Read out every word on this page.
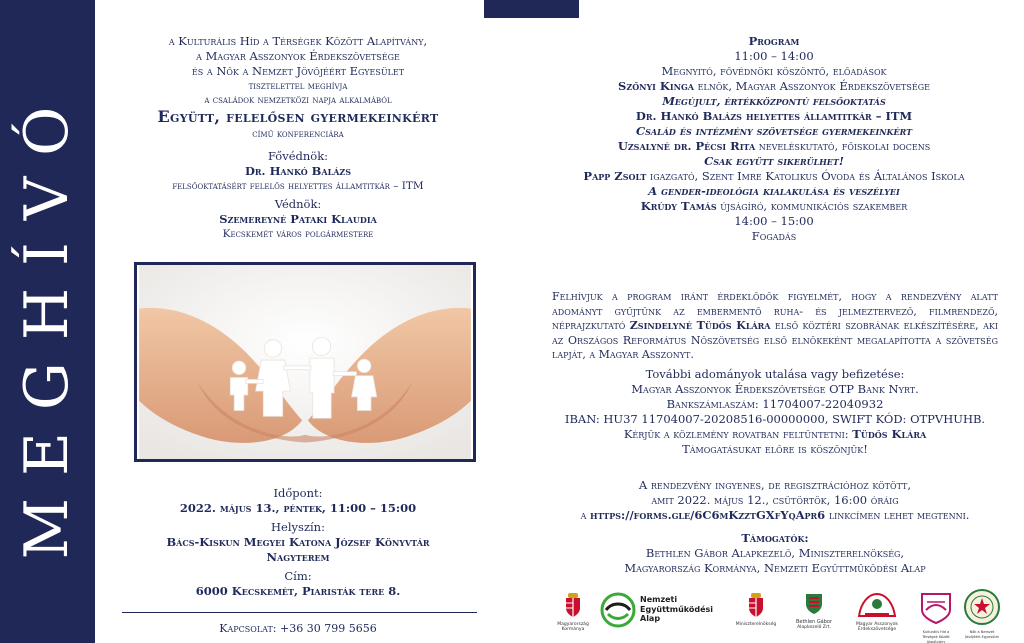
MEGHÍVÓ
a Kulturális Híd a Térségek Között Alapítvány,
a Magyar Asszonyok Érdekszövetsége
és a Nők a Nemzet Jövőjéért Egyesület
tisztelettel meghívja
a családok nemzetközi napja alkalmából
Együtt, felelősen gyermekeinkért
című konferenciára
Fővédnök:
Dr. Hankó Balázs
felsőoktatásért felelős helyettes államtitkár – ITM
Védnök:
Szemereyné Pataki Klaudia
Kecskemét város polgármestere
Időpont:
2022. május 13., péntek, 11:00 – 15:00
Helyszín:
Bács-Kiskun Megyei Katona József Könyvtár
Nagyterem
Cím:
6000 Kecskemét, Piaristák tere 8.
Kapcsolat: +36 30 799 5656
Program
11:00 – 14:00
Megnyitó, fővédnöki köszöntő, előadások
Szőnyi Kinga elnök, Magyar Asszonyok Érdekszövetsége
Megújult, értékközpontú felsőoktatás
Dr. Hankó Balázs helyettes államtitkár – ITM
Család és intézmény szövetsége gyermekeinkért
Uzsalyné dr. Pécsi Rita neveléskutató, főiskolai docens
Csak együtt sikerülhet!
Papp Zsolt igazgató, Szent Imre Katolikus Óvoda és Általános Iskola
A gender-ideológia kialakulása és veszélyei
Krúdy Tamás újságíró, kommunikációs szakember
14:00 – 15:00
Fogadás
Felhívjuk a program iránt érdeklődők figyelmét, hogy a rendezvény alatt adományt gyűjtünk az embermentő ruha- és jelmeztervező, filmrendező, néprajzkutató Zsindelyné Tüdős Klára első köztéri szobrának elkészítésére, aki az Országos Református Nőszövetség első elnökeként megalapította a szövetség lapját, a Magyar Asszonyt.
További adományok utalása vagy befizetése:
Magyar Asszonyok Érdekszövetsége OTP Bank Nyrt.
Bankszámlaszám: 11704007-22040932
IBAN: HU37 11704007-20208516-00000000, SWIFT KÓD: OTPVHUHB.
Kérjük a közlemény rovatban feltüntetni: Tüdős Klára
Támogatásukat előre is köszönjük!
A rendezvény ingyenes, de regisztrációhoz kötött,
amit 2022. május 12., csütörtök, 16:00 óráig
a https://forms.gle/6C6mKzztGXfYqApr6 linkcímen lehet megtenni.
Támogatók:
Bethlen Gábor Alapkezelő, Miniszterelnökség,
Magyarország Kormánya, Nemzeti Együttműködési Alap
Magyarország Kormánya
Nemzeti
Együttműködési
Alap
Miniszterelnökség	Bethlen Gábor
Alapkezelő Zrt.
Magyar Asszonyok Érdekszövetsége	Kulturális Híd a Térségek Között Alapítvány
Nők a Nemzet Jövőjéért Egyesület
